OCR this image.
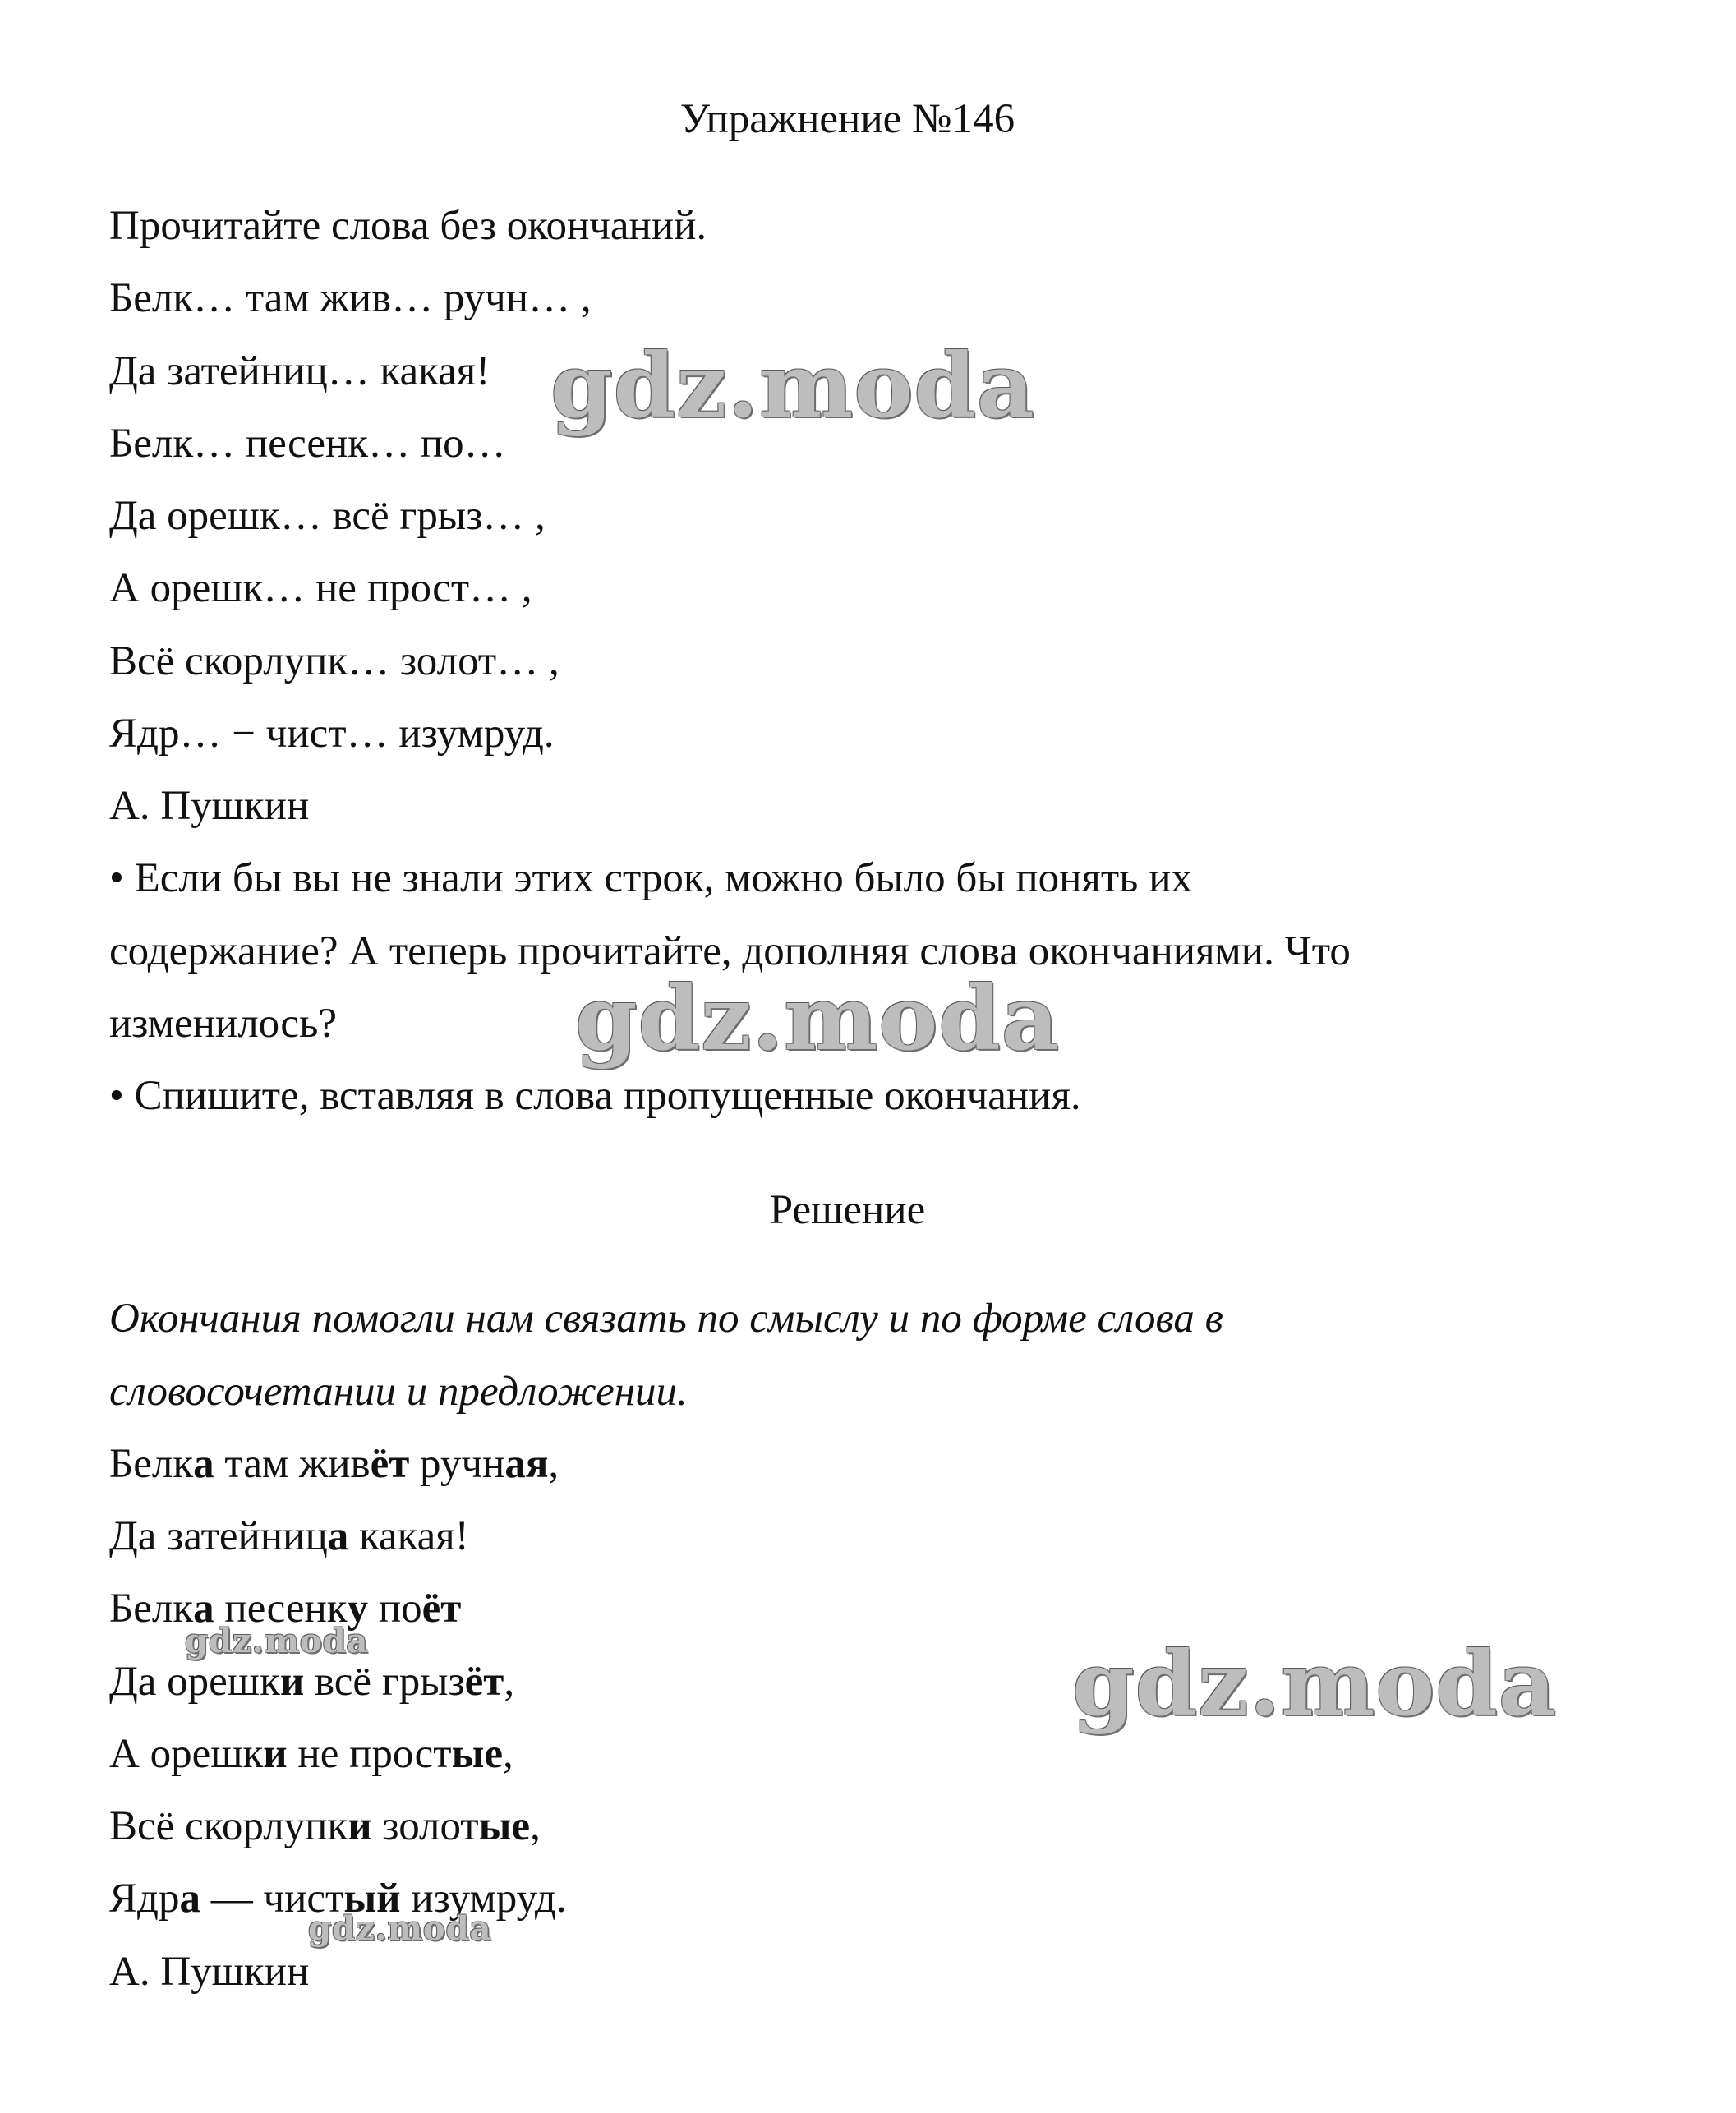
Упражнение №146
Прочитайте слова без окончаний.
Белк… там жив… ручн… ,
Да затейниц… какая!
Белк… песенк… по…
Да орешк… всё грыз… ,
А орешк… не прост… ,
Всё скорлупк… золот… ,
Ядр… − чист… изумруд.
А. Пушкин
• Если бы вы не знали этих строк, можно было бы понять их
содержание? А теперь прочитайте, дополняя слова окончаниями. Что
изменилось?
• Спишите, вставляя в слова пропущенные окончания.
Решение
Окончания помогли нам связать по смыслу и по форме слова в
словосочетании и предложении.
Белка там живёт ручная,
Да затейница какая!
Белка песенку поёт
Да орешки всё грызёт,
А орешки не простые,
Всё скорлупки золотые,
Ядра — чистый изумруд.
А. Пушкин
gdz.moda
gdz.moda
gdz.moda	gdz.moda
gdz.moda
